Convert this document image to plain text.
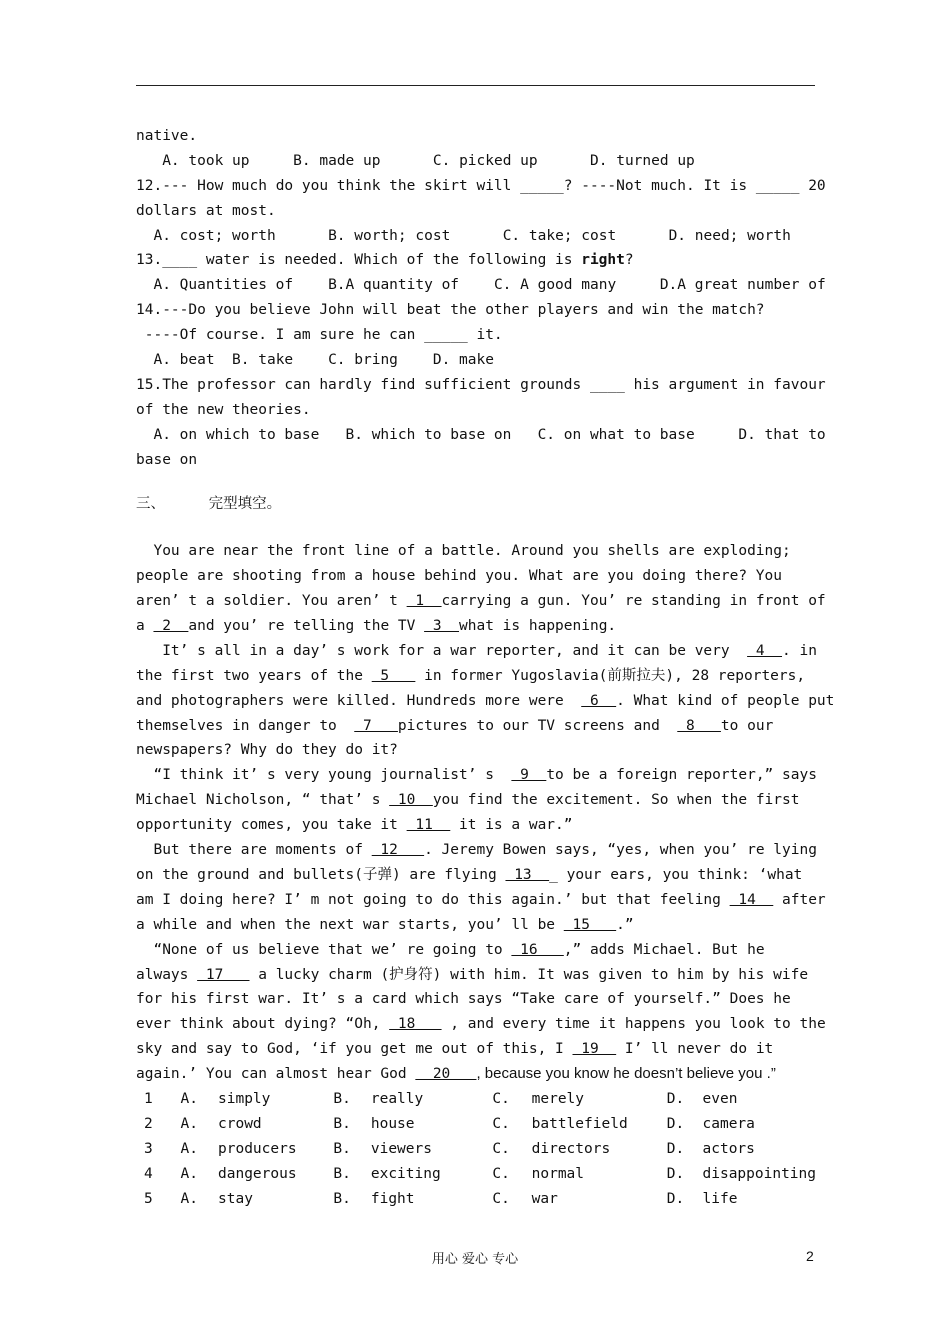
native.
A. took up	B. made up	C. picked up	D. turned up
12.--- How much do you think the skirt will _____? ----Not much. It is _____ 20
dollars at most.
A. cost; worth	B. worth; cost	C. take; cost	D. need; worth
13.____ water is needed. Which of the following is right?
A. Quantities of B.A quantity of C. A good many	D.A great number of
14.---Do you believe John will beat the other players and win the match?
----Of course. I am sure he can _____ it.
A. beat B. take C. bring D. make
15.The professor can hardly find sufficient grounds ____ his argument in favour
of the new theories.
A. on which to base   B. which to base on   C. on what to base     D. that to
base on
三、	完型填空。
You are near the front line of a battle. Around you shells are exploding;
people are shooting from a house behind you. What are you doing there? You
aren’ t a soldier. You aren’ t  1  carrying a gun. You’ re standing in front of
a  2  and you’ re telling the TV  3  what is happening.
It’ s all in a day’ s work for a war reporter, and it can be very   4  . in
the first two years of the  5    in former Yugoslavia(前斯拉夫), 28 reporters,
and photographers were killed. Hundreds more were   6  . What kind of people put
themselves in danger to   7   pictures to our TV screens and   8   to our
newspapers? Why do they do it?
“I think it’ s very young journalist’ s   9  to be a foreign reporter,” says
Michael Nicholson, “ that’ s  10  you find the excitement. So when the first
opportunity comes, you take it  11   it is a war.”
But there are moments of  12   . Jeremy Bowen says, “yes, when you’ re lying
on the ground and bullets(子弹) are flying  13  _ your ears, you think: ‘what
am I doing here? I’ m not going to do this again.’ but that feeling  14   after
a while and when the next war starts, you’ ll be  15   .”
“None of us believe that we’ re going to  16   ,” adds Michael. But he
always  17    a lucky charm (护身符) with him. It was given to him by his wife
for his first war. It’ s a card which says “Take care of yourself.” Does he
ever think about dying? “Oh,  18    , and every time it happens you look to the
sky and say to God, ‘if you get me out of this, I  19   I’ ll never do it
again.’ You can almost hear God   20   , because you know he doesn’t believe you .”
1	A.	simply	B.	really	C.	merely	D.	even
2	A.	crowd	B.	house	C.	battlefield	D.	camera
3	A.	producers	B.	viewers	C.	directors	D.	actors
4	A.	dangerous	B.	exciting	C.	normal	D.	disappointing
5	A.	stay	B.	fight	C.	war	D.	life
用心 爱心 专心	2
